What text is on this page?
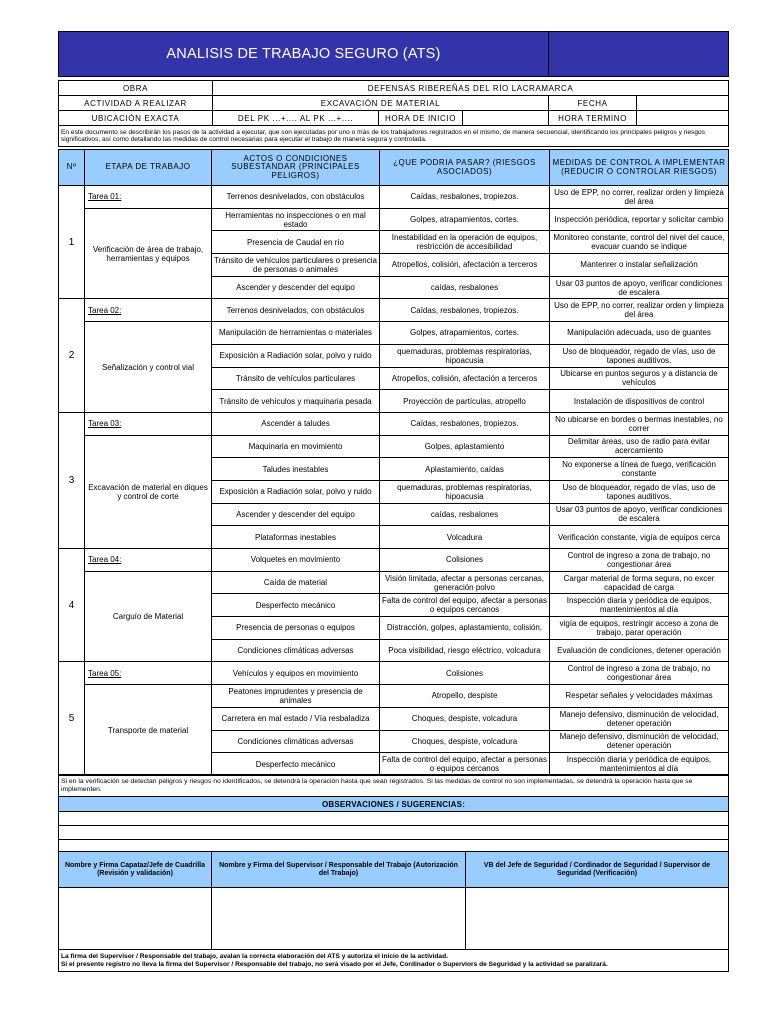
ANALISIS DE TRABAJO SEGURO (ATS)	
OBRA	DEFENSAS RIBEREÑAS DEL RÍO LACRAMARCA				
ACTIVIDAD A REALIZAR	EXCAVACIÓN DE MATERIAL			FECHA	
UBICACIÓN EXACTA	DEL PK ...+.... AL PK ...+....	HORA DE INICIO		HORA TERMINO	
En este documento se describirán los pasos de la actividad a ejecutar, que son ejecutadas por uno o más de los trabajadores registrados en el mismo, de manera secuencial, identificando los principales peligros y riesgos significativos, así como detallando las medidas de control necesarias para ejecutar el trabajo de manera segura y controlada.					
Nº	ETAPA DE TRABAJO	ACTOS O CONDICIONES SUBESTANDAR (PRINCIPALES PELIGROS)	¿QUE PODRIA PASAR? (RIESGOS ASOCIADOS)	MEDIDAS DE CONTROL A IMPLEMENTAR (REDUCIR O CONTROLAR RIESGOS)
1	Tarea 01:	Terrenos desnivelados, con obstáculos	Caídas, resbalones, tropiezos.	Uso de EPP, no correr, realizar orden y limpieza del área
	Verificación de área de trabajo, herramientas y equipos	Herramientas no inspecciones o en mal estado	Golpes, atrapamientos, cortes.	Inspección periódica, reportar y solicitar cambio
		Presencia de Caudal en río	Inestabilidad en la operación de equipos, restricción de accesibilidad	Monitoreo constante, control del nivel del cauce, evacuar cuando se indique
		Tránsito de vehículos particulares o presencia de personas o animales	Atropellos, colisión, afectación a terceros	Mantenrer o instalar señalización
		Ascender y descender del equipo	caídas, resbalones	Usar 03 puntos de apoyo, verificar condiciones de escalera
2	Tarea 02:	Terrenos desnivelados, con obstáculos	Caídas, resbalones, tropiezos.	Uso de EPP, no correr, realizar orden y limpieza del área
	Señalización y control vial	Manipulación de herramientas o materiales	Golpes, atrapamientos, cortes.	Manipulación adecuada, uso de guantes
		Exposición a Radiación solar, polvo y ruido	quemaduras, problemas respiratorias, hipoacusia	Uso de bloqueador, regado de vías, uso de tapones auditivos.
		Tránsito de vehículos particulares	Atropellos, colisión, afectación a terceros	Ubicarse en puntos seguros y a distancia de vehículos
		Tránsito de vehículos y maquinaria pesada	Proyección de partículas, atropello	Instalación de dispositivos de control
3	Tarea 03:	Ascender a taludes	Caídas, resbalones, tropiezos.	No ubicarse en bordes o bermas inestables, no correr
	Excavación de material en diques y control de corte	Maquinaria en movimiento	Golpes, aplastamiento	Delimitar áreas, uso de radio para evitar acercamiento
		Taludes inestables	Aplastamiento, caídas	No exponerse a línea de fuego, verificación constante
		Exposición a Radiación solar, polvo y ruido	quemaduras, problemas respiratorias, hipoacusia	Uso de bloqueador, regado de vías, uso de tapones auditivos.
		Ascender y descender del equipo	caídas, resbalones	Usar 03 puntos de apoyo, verificar condiciones de escalera
		Plataformas inestables	Volcadura	Verificación constante, vigía de equipos cerca
4	Tarea 04:	Volquetes en movimiento	Colisiones	Control de ingreso a zona de trabajo, no congestionar área
	Carguío de Material	Caída de material	Visión limitada, afectar a personas cercanas, generación polvo	Cargar material de forma segura, no excer capacidad de carga
		Desperfecto mecánico	Falta de control del equipo, afectar a personas o equipos cercanos	Inspección diaria y periódica de equipos, mantenimientos al día
		Presencia de personas o equipos	Distracción, golpes, aplastamiento, colisión.	vigía de equipos, restringir acceso a zona de trabajo, parar operación
		Condiciones climáticas adversas	Poca visibilidad, riesgo eléctrico, volcadura	Evaluación de condiciones, detener operación
5	Tarea 05:	Vehículos y equipos en movimiento	Colisiones	Control de ingreso a zona de trabajo, no congestionar área
	Transporte de material	Peatones imprudentes y presencia de animales	Atropello, despiste	Respetar señales y velocidades máximas
		Carretera en mal estado / Vía resbaladiza	Choques, despiste, volcadura	Manejo defensivo, disminución de velocidad, detener operación
		Condiciones climáticas adversas	Choques, despiste, volcadura	Manejo defensivo, disminución de velocidad, detener operación
		Desperfecto mecánico	Falta de control del equipo, afectar a personas o equipos cercanos	Inspección diaria y periódica de equipos, mantenimientos al día
Si en la verificación se detectan peligros y riesgos no identificados, se detendrá la operación hasta que sean registrados. Si las medidas de control no son implementadas, se detendrá la operación hasta que se implementen.		
OBSERVACIONES / SUGERENCIAS:		

Nombre y Firma Capataz/Jefe de Cuadrilla (Revisión y validación)	Nombre y Firma del Supervisor / Responsable del Trabajo (Autorización del Trabajo)	VB del Jefe de Seguridad / Cordinador de Seguridad / Supervisor de Seguridad (Verificación)

La firma del Supervisor / Responsable del trabajo, avalan la correcta elaboración del ATS y autoriza el inicio de la actividad.
Si el presente registro no lleva la firma del Supervisor / Responsable del trabajo, no será visado por el Jefe, Cordinador o Superviors de Seguridad y la actividad se paralizará.		
